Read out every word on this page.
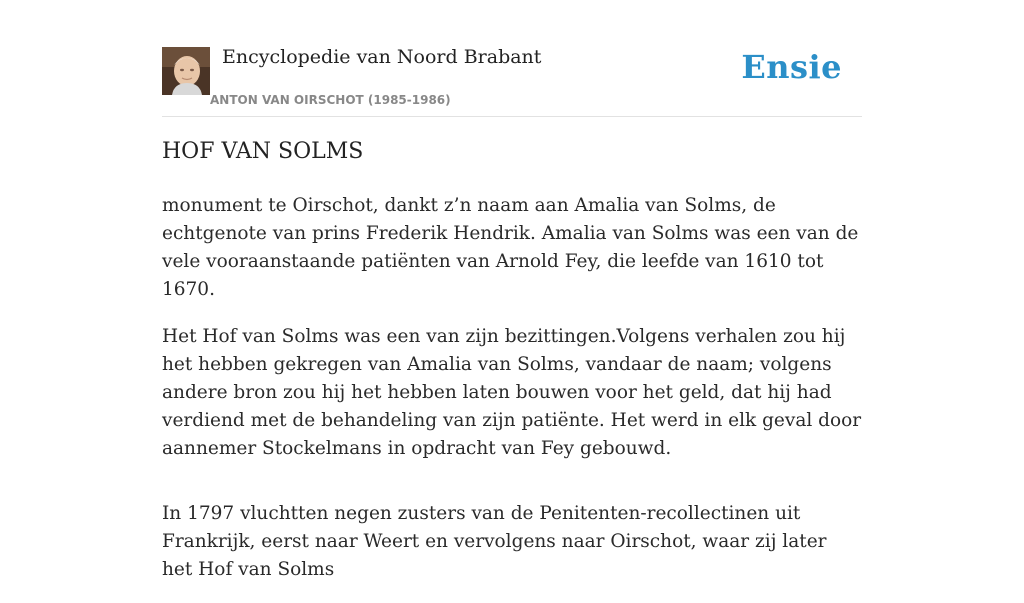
Encyclopedie van Noord Brabant
ANTON VAN OIRSCHOT (1985-1986)
Ensie
HOF VAN SOLMS

monument te Oirschot, dankt z’n naam aan Amalia van Solms, de echtgenote van prins Frederik Hendrik. Amalia van Solms was een van de vele vooraanstaande patiënten van Arnold Fey, die leefde van 1610 tot 1670.

Het Hof van Solms was een van zijn bezittingen.Volgens verhalen zou hij het hebben gekregen van Amalia van Solms, vandaar de naam; volgens andere bron zou hij het hebben laten bouwen voor het geld, dat hij had verdiend met de behandeling van zijn patiënte. Het werd in elk geval door aannemer Stockelmans in opdracht van Fey gebouwd.

In 1797 vluchtten negen zusters van de Penitenten-recollectinen uit Frankrijk, eerst naar Weert en vervolgens naar Oirschot, waar zij later het Hof van Solms
